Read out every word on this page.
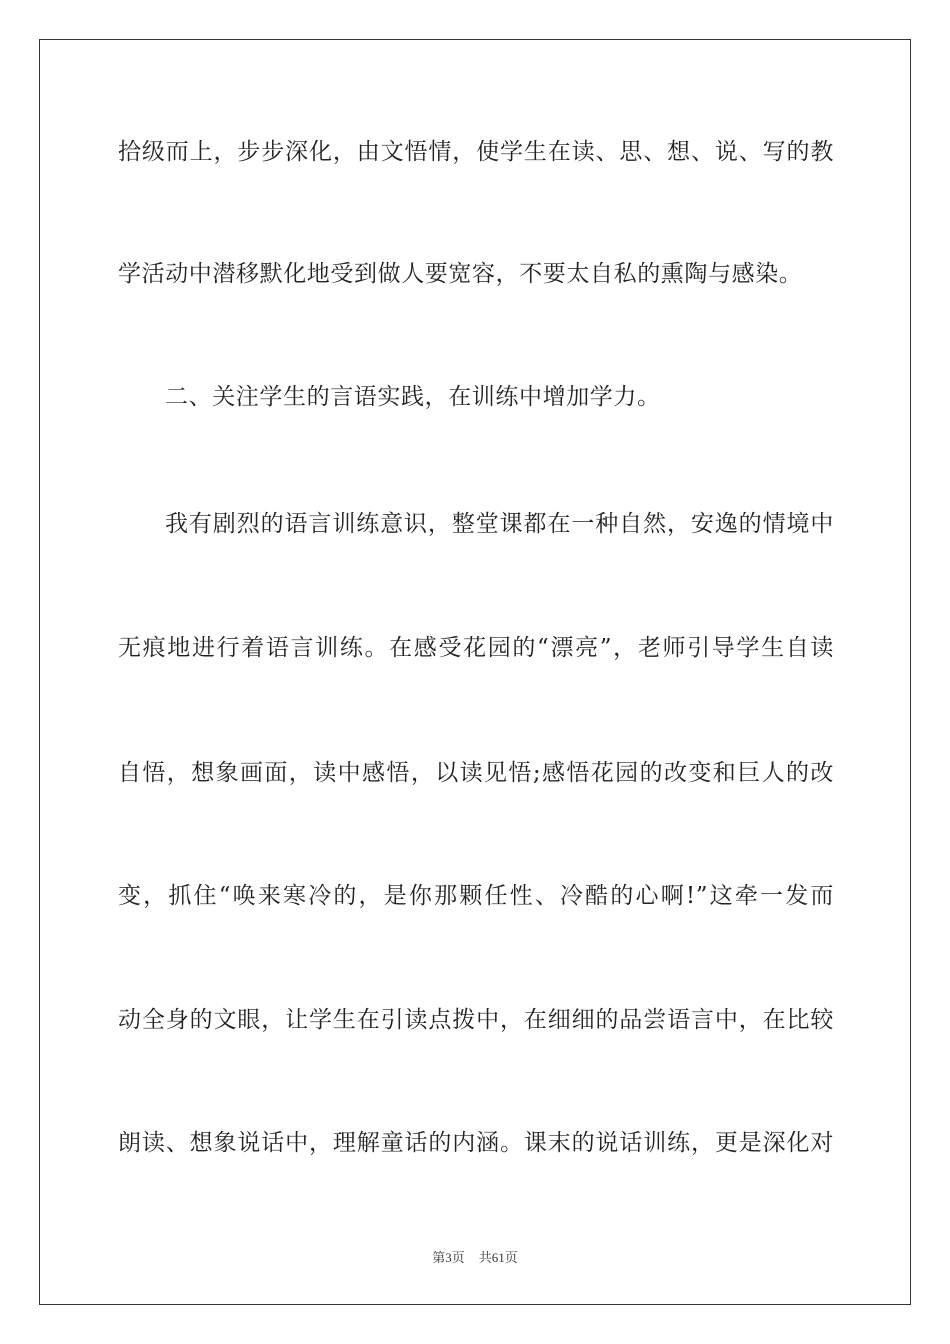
拾级而上，步步深化，由文悟情，使学生在读、思、想、说、写的教
学活动中潜移默化地受到做人要宽容，不要太自私的熏陶与感染。
二、关注学生的言语实践，在训练中增加学力。
我有剧烈的语言训练意识，整堂课都在一种自然，安逸的情境中
无痕地进行着语言训练。在感受花园的“漂亮”，老师引导学生自读
自悟，想象画面，读中感悟，以读见悟;感悟花园的改变和巨人的改
变，抓住“唤来寒冷的，是你那颗任性、冷酷的心啊!”这牵一发而
动全身的文眼，让学生在引读点拨中，在细细的品尝语言中，在比较
朗读、想象说话中，理解童话的内涵。课末的说话训练，更是深化对
第3页 共61页
